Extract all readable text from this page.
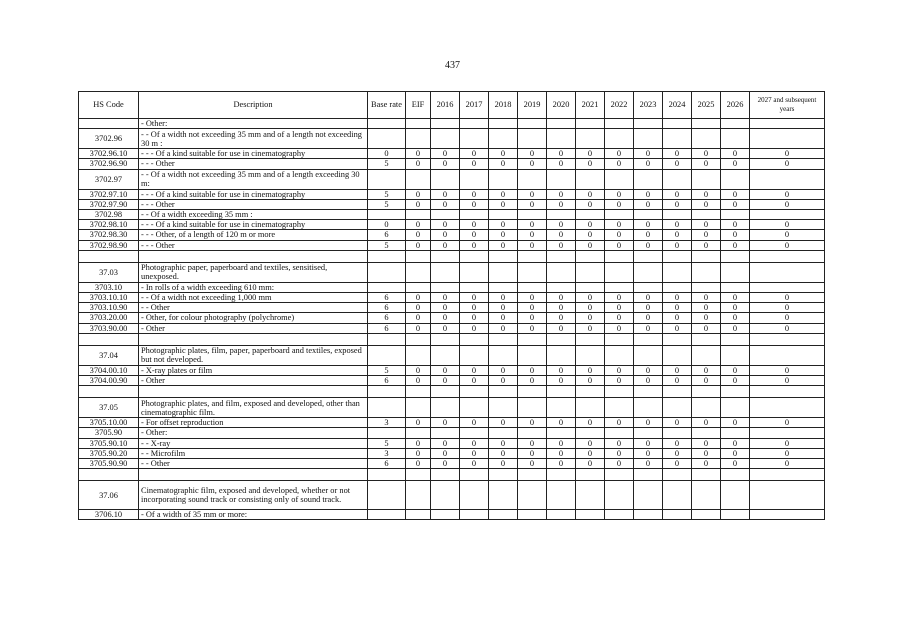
437
HS Code	Description	Base rate	EIF	2016	2017	2018	2019	2020	2021	2022	2023	2024	2025	2026	2027 and subsequent years
	- Other:														
3702.96	- - Of a width not exceeding 35 mm and of a length not exceeding 30 m :														
3702.96.10	- - - Of a kind suitable for use in cinematography	0	0	0	0	0	0	0	0	0	0	0	0	0	0
3702.96.90	- - - Other	5	0	0	0	0	0	0	0	0	0	0	0	0	0
3702.97	- - Of a width not exceeding 35 mm and of a length exceeding 30 m:														
3702.97.10	- - - Of a kind suitable for use in cinematography	5	0	0	0	0	0	0	0	0	0	0	0	0	0
3702.97.90	- - - Other	5	0	0	0	0	0	0	0	0	0	0	0	0	0
3702.98	- - Of a width exceeding 35 mm :														
3702.98.10	- - - Of a kind suitable for use in cinematography	0	0	0	0	0	0	0	0	0	0	0	0	0	0
3702.98.30	- - - Other, of a length of 120 m or more	6	0	0	0	0	0	0	0	0	0	0	0	0	0
3702.98.90	- - - Other	5	0	0	0	0	0	0	0	0	0	0	0	0	0

37.03	Photographic paper, paperboard and textiles, sensitised, unexposed.														
3703.10	- In rolls of a width exceeding 610 mm:														
3703.10.10	- - Of a width not exceeding 1,000 mm	6	0	0	0	0	0	0	0	0	0	0	0	0	0
3703.10.90	- - Other	6	0	0	0	0	0	0	0	0	0	0	0	0	0
3703.20.00	- Other, for colour photography (polychrome)	6	0	0	0	0	0	0	0	0	0	0	0	0	0
3703.90.00	- Other	6	0	0	0	0	0	0	0	0	0	0	0	0	0

37.04	Photographic plates, film, paper, paperboard and textiles, exposed but not developed.														
3704.00.10	- X-ray plates or film	5	0	0	0	0	0	0	0	0	0	0	0	0	0
3704.00.90	- Other	6	0	0	0	0	0	0	0	0	0	0	0	0	0

37.05	Photographic plates, and film, exposed and developed, other than cinematographic film.														
3705.10.00	- For offset reproduction	3	0	0	0	0	0	0	0	0	0	0	0	0	0
3705.90	- Other:														
3705.90.10	- - X-ray	5	0	0	0	0	0	0	0	0	0	0	0	0	0
3705.90.20	- - Microfilm	3	0	0	0	0	0	0	0	0	0	0	0	0	0
3705.90.90	- - Other	6	0	0	0	0	0	0	0	0	0	0	0	0	0

37.06	Cinematographic film, exposed and developed, whether or not incorporating sound track or consisting only of sound track.														
3706.10	- Of a width of 35 mm or more:														
